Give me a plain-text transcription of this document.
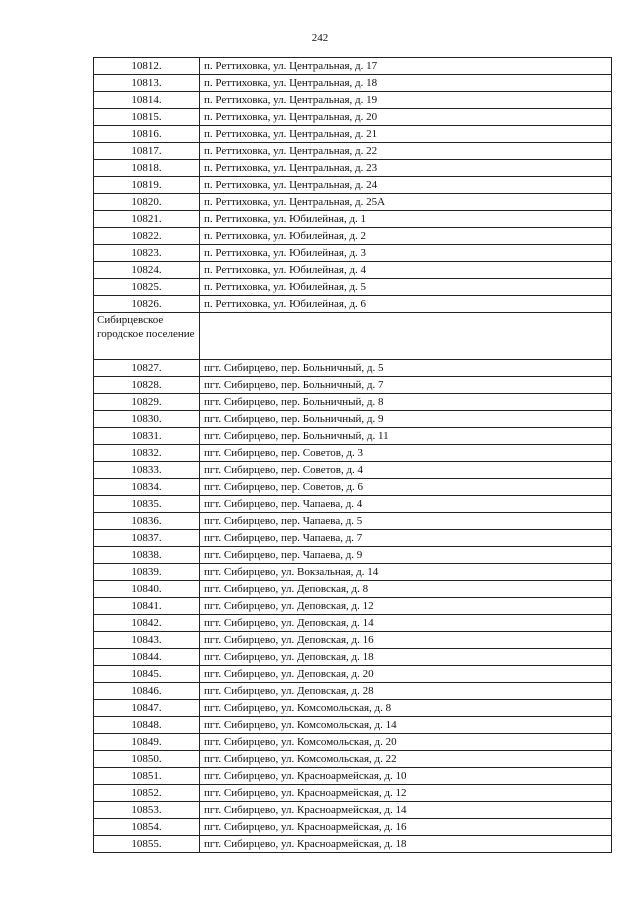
242
10812.	п. Реттиховка, ул. Центральная, д. 17
10813.	п. Реттиховка, ул. Центральная, д. 18
10814.	п. Реттиховка, ул. Центральная, д. 19
10815.	п. Реттиховка, ул. Центральная, д. 20
10816.	п. Реттиховка, ул. Центральная, д. 21
10817.	п. Реттиховка, ул. Центральная, д. 22
10818.	п. Реттиховка, ул. Центральная, д. 23
10819.	п. Реттиховка, ул. Центральная, д. 24
10820.	п. Реттиховка, ул. Центральная, д. 25А
10821.	п. Реттиховка, ул. Юбилейная, д. 1
10822.	п. Реттиховка, ул. Юбилейная, д. 2
10823.	п. Реттиховка, ул. Юбилейная, д. 3
10824.	п. Реттиховка, ул. Юбилейная, д. 4
10825.	п. Реттиховка, ул. Юбилейная, д. 5
10826.	п. Реттиховка, ул. Юбилейная, д. 6
Сибирцевское городское поселение	
10827.	пгт. Сибирцево, пер. Больничный, д. 5
10828.	пгт. Сибирцево, пер. Больничный, д. 7
10829.	пгт. Сибирцево, пер. Больничный, д. 8
10830.	пгт. Сибирцево, пер. Больничный, д. 9
10831.	пгт. Сибирцево, пер. Больничный, д. 11
10832.	пгт. Сибирцево, пер. Советов, д. 3
10833.	пгт. Сибирцево, пер. Советов, д. 4
10834.	пгт. Сибирцево, пер. Советов, д. 6
10835.	пгт. Сибирцево, пер. Чапаева, д. 4
10836.	пгт. Сибирцево, пер. Чапаева, д. 5
10837.	пгт. Сибирцево, пер. Чапаева, д. 7
10838.	пгт. Сибирцево, пер. Чапаева, д. 9
10839.	пгт. Сибирцево, ул. Вокзальная, д. 14
10840.	пгт. Сибирцево, ул. Деповская, д. 8
10841.	пгт. Сибирцево, ул. Деповская, д. 12
10842.	пгт. Сибирцево, ул. Деповская, д. 14
10843.	пгт. Сибирцево, ул. Деповская, д. 16
10844.	пгт. Сибирцево, ул. Деповская, д. 18
10845.	пгт. Сибирцево, ул. Деповская, д. 20
10846.	пгт. Сибирцево, ул. Деповская, д. 28
10847.	пгт. Сибирцево, ул. Комсомольская, д. 8
10848.	пгт. Сибирцево, ул. Комсомольская, д. 14
10849.	пгт. Сибирцево, ул. Комсомольская, д. 20
10850.	пгт. Сибирцево, ул. Комсомольская, д. 22
10851.	пгт. Сибирцево, ул. Красноармейская, д. 10
10852.	пгт. Сибирцево, ул. Красноармейская, д. 12
10853.	пгт. Сибирцево, ул. Красноармейская, д. 14
10854.	пгт. Сибирцево, ул. Красноармейская, д. 16
10855.	пгт. Сибирцево, ул. Красноармейская, д. 18
